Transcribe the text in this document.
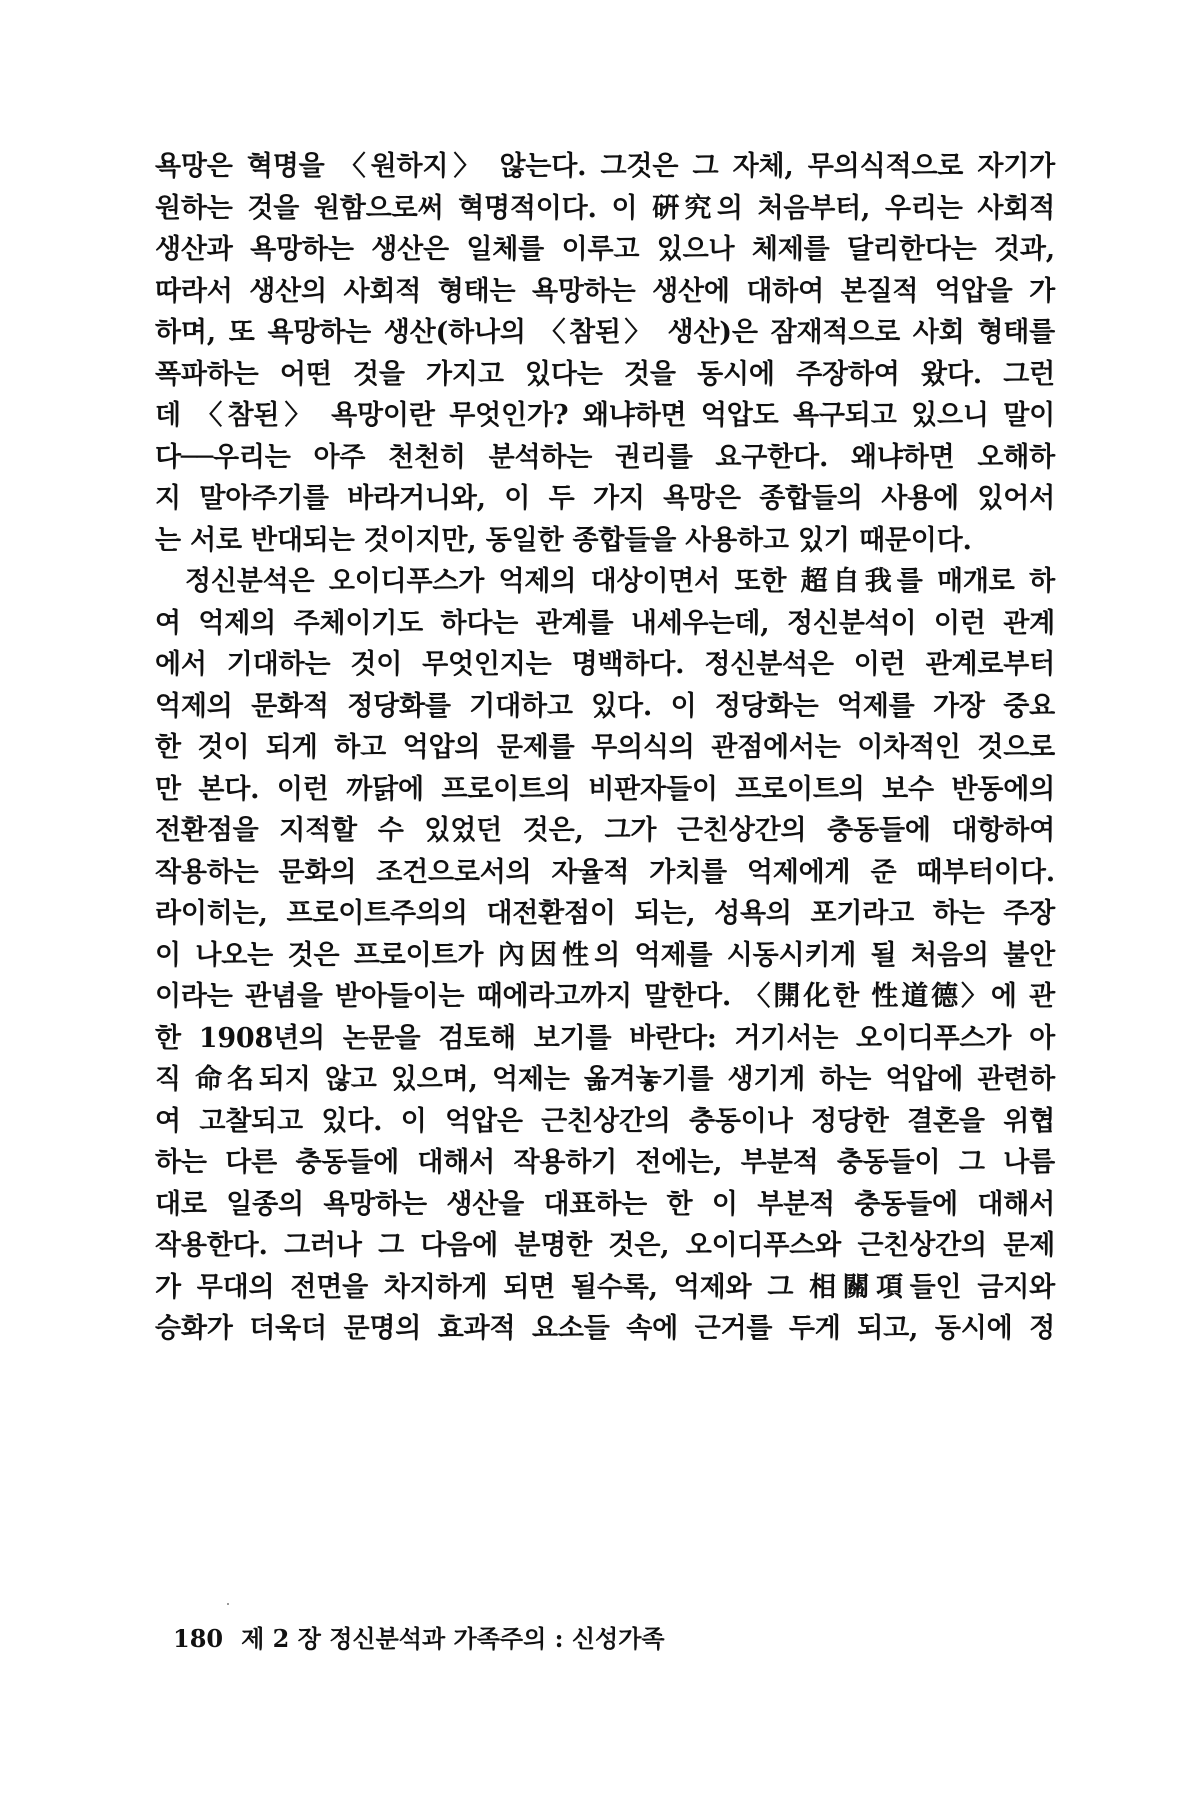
욕망은 혁명을 〈원하지〉 않는다. 그것은 그 자체, 무의식적으로 자기가
원하는 것을 원함으로써 혁명적이다. 이 硏究의 처음부터, 우리는 사회적
생산과 욕망하는 생산은 일체를 이루고 있으나 체제를 달리한다는 것과,
따라서 생산의 사회적 형태는 욕망하는 생산에 대하여 본질적 억압을 가
하며, 또 욕망하는 생산(하나의 〈참된〉 생산)은 잠재적으로 사회 형태를
폭파하는 어떤 것을 가지고 있다는 것을 동시에 주장하여 왔다. 그런
데 〈참된〉 욕망이란 무엇인가? 왜냐하면 억압도 욕구되고 있으니 말이
다──우리는 아주 천천히 분석하는 권리를 요구한다. 왜냐하면 오해하
지 말아주기를 바라거니와, 이 두 가지 욕망은 종합들의 사용에 있어서
는 서로 반대되는 것이지만, 동일한 종합들을 사용하고 있기 때문이다.
정신분석은 오이디푸스가 억제의 대상이면서 또한 超自我를 매개로 하
여 억제의 주체이기도 하다는 관계를 내세우는데, 정신분석이 이런 관계
에서 기대하는 것이 무엇인지는 명백하다. 정신분석은 이런 관계로부터
억제의 문화적 정당화를 기대하고 있다. 이 정당화는 억제를 가장 중요
한 것이 되게 하고 억압의 문제를 무의식의 관점에서는 이차적인 것으로
만 본다. 이런 까닭에 프로이트의 비판자들이 프로이트의 보수 반동에의
전환점을 지적할 수 있었던 것은, 그가 근친상간의 충동들에 대항하여
작용하는 문화의 조건으로서의 자율적 가치를 억제에게 준 때부터이다.
라이히는, 프로이트주의의 대전환점이 되는, 성욕의 포기라고 하는 주장
이 나오는 것은 프로이트가 內因性의 억제를 시동시키게 될 처음의 불안
이라는 관념을 받아들이는 때에라고까지 말한다. 〈開化한 性道德〉에 관
한 1908년의 논문을 검토해 보기를 바란다: 거기서는 오이디푸스가 아
직 命名되지 않고 있으며, 억제는 옮겨놓기를 생기게 하는 억압에 관련하
여 고찰되고 있다. 이 억압은 근친상간의 충동이나 정당한 결혼을 위협
하는 다른 충동들에 대해서 작용하기 전에는, 부분적 충동들이 그 나름
대로 일종의 욕망하는 생산을 대표하는 한 이 부분적 충동들에 대해서
작용한다. 그러나 그 다음에 분명한 것은, 오이디푸스와 근친상간의 문제
가 무대의 전면을 차지하게 되면 될수록, 억제와 그 相關項들인 금지와
승화가 더욱더 문명의 효과적 요소들 속에 근거를 두게 되고, 동시에 정
180 제 2 장 정신분석과 가족주의 : 신성가족
